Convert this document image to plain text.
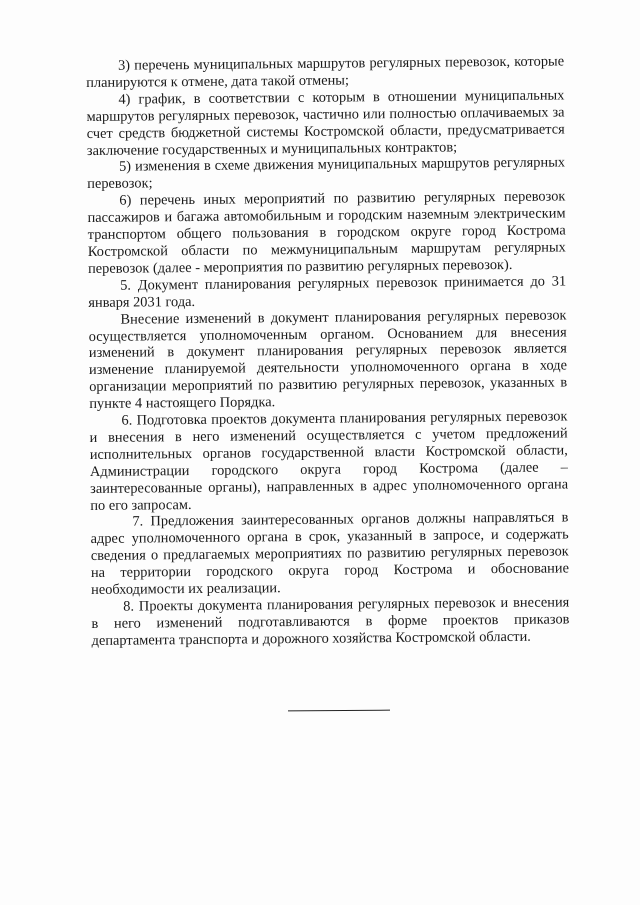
3) перечень муниципальных маршрутов регулярных перевозок, которые планируются к отмене, дата такой отмены;

4) график, в соответствии с которым в отношении муниципальных маршрутов регулярных перевозок, частично или полностью оплачиваемых за счет средств бюджетной системы Костромской области, предусматривается заключение государственных и муниципальных контрактов;

5) изменения в схеме движения муниципальных маршрутов регулярных перевозок;

6) перечень иных мероприятий по развитию регулярных перевозок пассажиров и багажа автомобильным и городским наземным электрическим транспортом общего пользования в городском округе город Кострома Костромской области по межмуниципальным маршрутам регулярных перевозок (далее - мероприятия по развитию регулярных перевозок).

5. Документ планирования регулярных перевозок принимается до 31 января 2031 года.

Внесение изменений в документ планирования регулярных перевозок осуществляется уполномоченным органом. Основанием для внесения изменений в документ планирования регулярных перевозок является изменение планируемой деятельности уполномоченного органа в ходе организации мероприятий по развитию регулярных перевозок, указанных в пункте 4 настоящего Порядка.

6. Подготовка проектов документа планирования регулярных перевозок и внесения в него изменений осуществляется с учетом предложений исполнительных органов государственной власти Костромской области, Администрации городского округа город Кострома (далее – заинтересованные органы), направленных в адрес уполномоченного органа по его запросам.

7. Предложения заинтересованных органов должны направляться в адрес уполномоченного органа в срок, указанный в запросе, и содержать сведения о предлагаемых мероприятиях по развитию регулярных перевозок на территории городского округа город Кострома и обоснование необходимости их реализации.

8. Проекты документа планирования регулярных перевозок и внесения в него изменений подготавливаются в форме проектов приказов департамента транспорта и дорожного хозяйства Костромской области.
